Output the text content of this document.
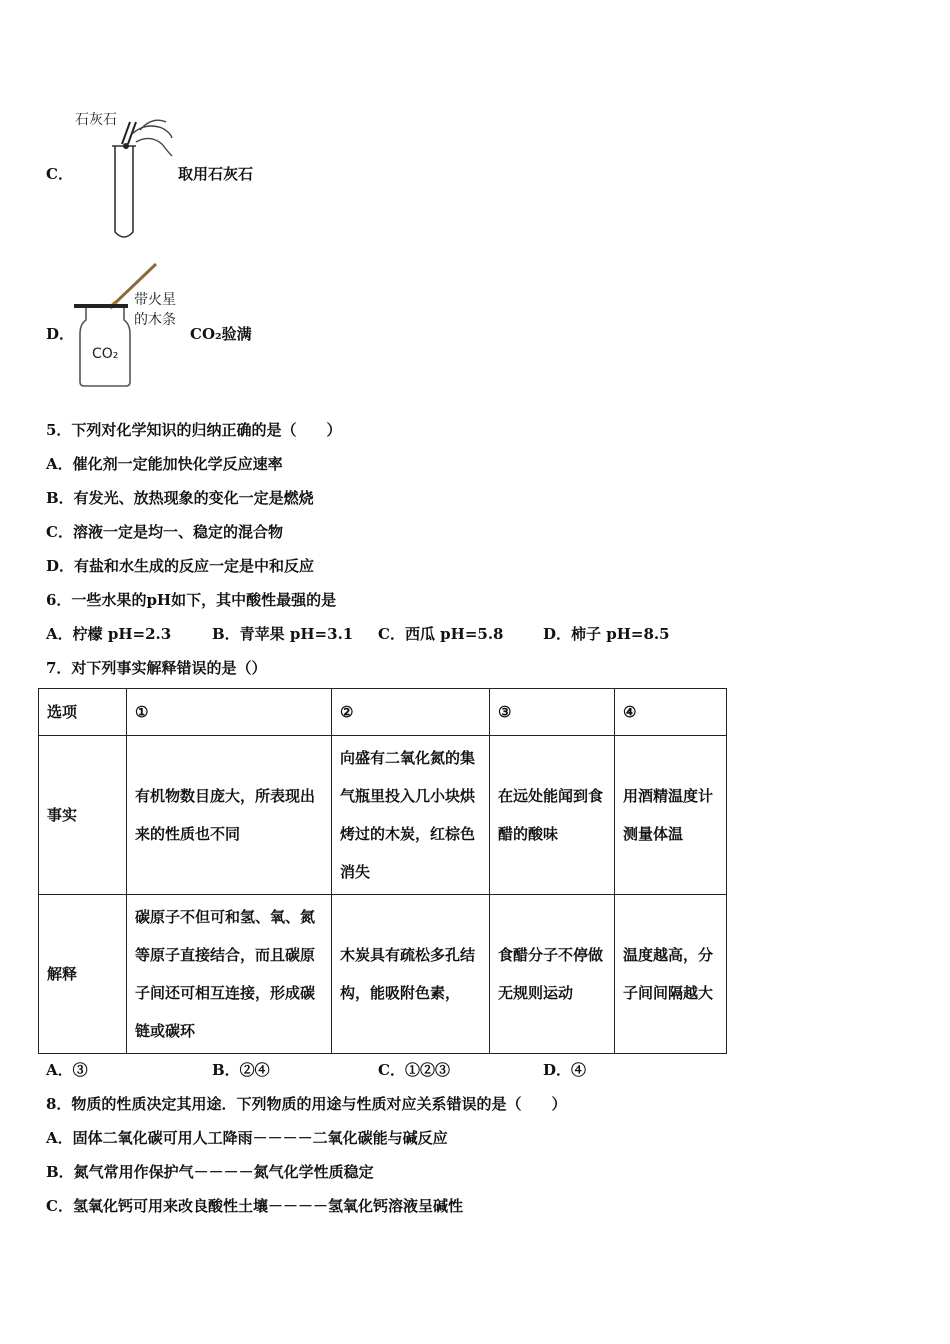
C．
石灰石
取用石灰石
D．
CO₂
带火星
的木条
CO₂验满
5．下列对化学知识的归纳正确的是（　　）
A．催化剂一定能加快化学反应速率
B．有发光、放热现象的变化一定是燃烧
C．溶液一定是均一、稳定的混合物
D．有盐和水生成的反应一定是中和反应
6．一些水果的pH如下，其中酸性最强的是
A．柠檬 pH=2.3	B．青苹果 pH=3.1 C．西瓜 pH=5.8	D．柿子 pH=8.5
7．对下列事实解释错误的是（）
选项	①	②	③	④
事实	有机物数目庞大，所表现出来的性质也不同	向盛有二氧化氮的集气瓶里投入几小块烘烤过的木炭，红棕色消失	在远处能闻到食醋的酸味	用酒精温度计测量体温
解释	碳原子不但可和氢、氧、氮等原子直接结合，而且碳原子间还可相互连接，形成碳链或碳环	木炭具有疏松多孔结构，能吸附色素，	食醋分子不停做无规则运动	温度越高，分子间间隔越大
A．③	B．②④	C．①②③	D．④
8．物质的性质决定其用途．下列物质的用途与性质对应关系错误的是（　　）
A．固体二氧化碳可用人工降雨－－－－二氧化碳能与碱反应
B．氮气常用作保护气－－－－氮气化学性质稳定
C．氢氧化钙可用来改良酸性土壤－－－－氢氧化钙溶液呈碱性
